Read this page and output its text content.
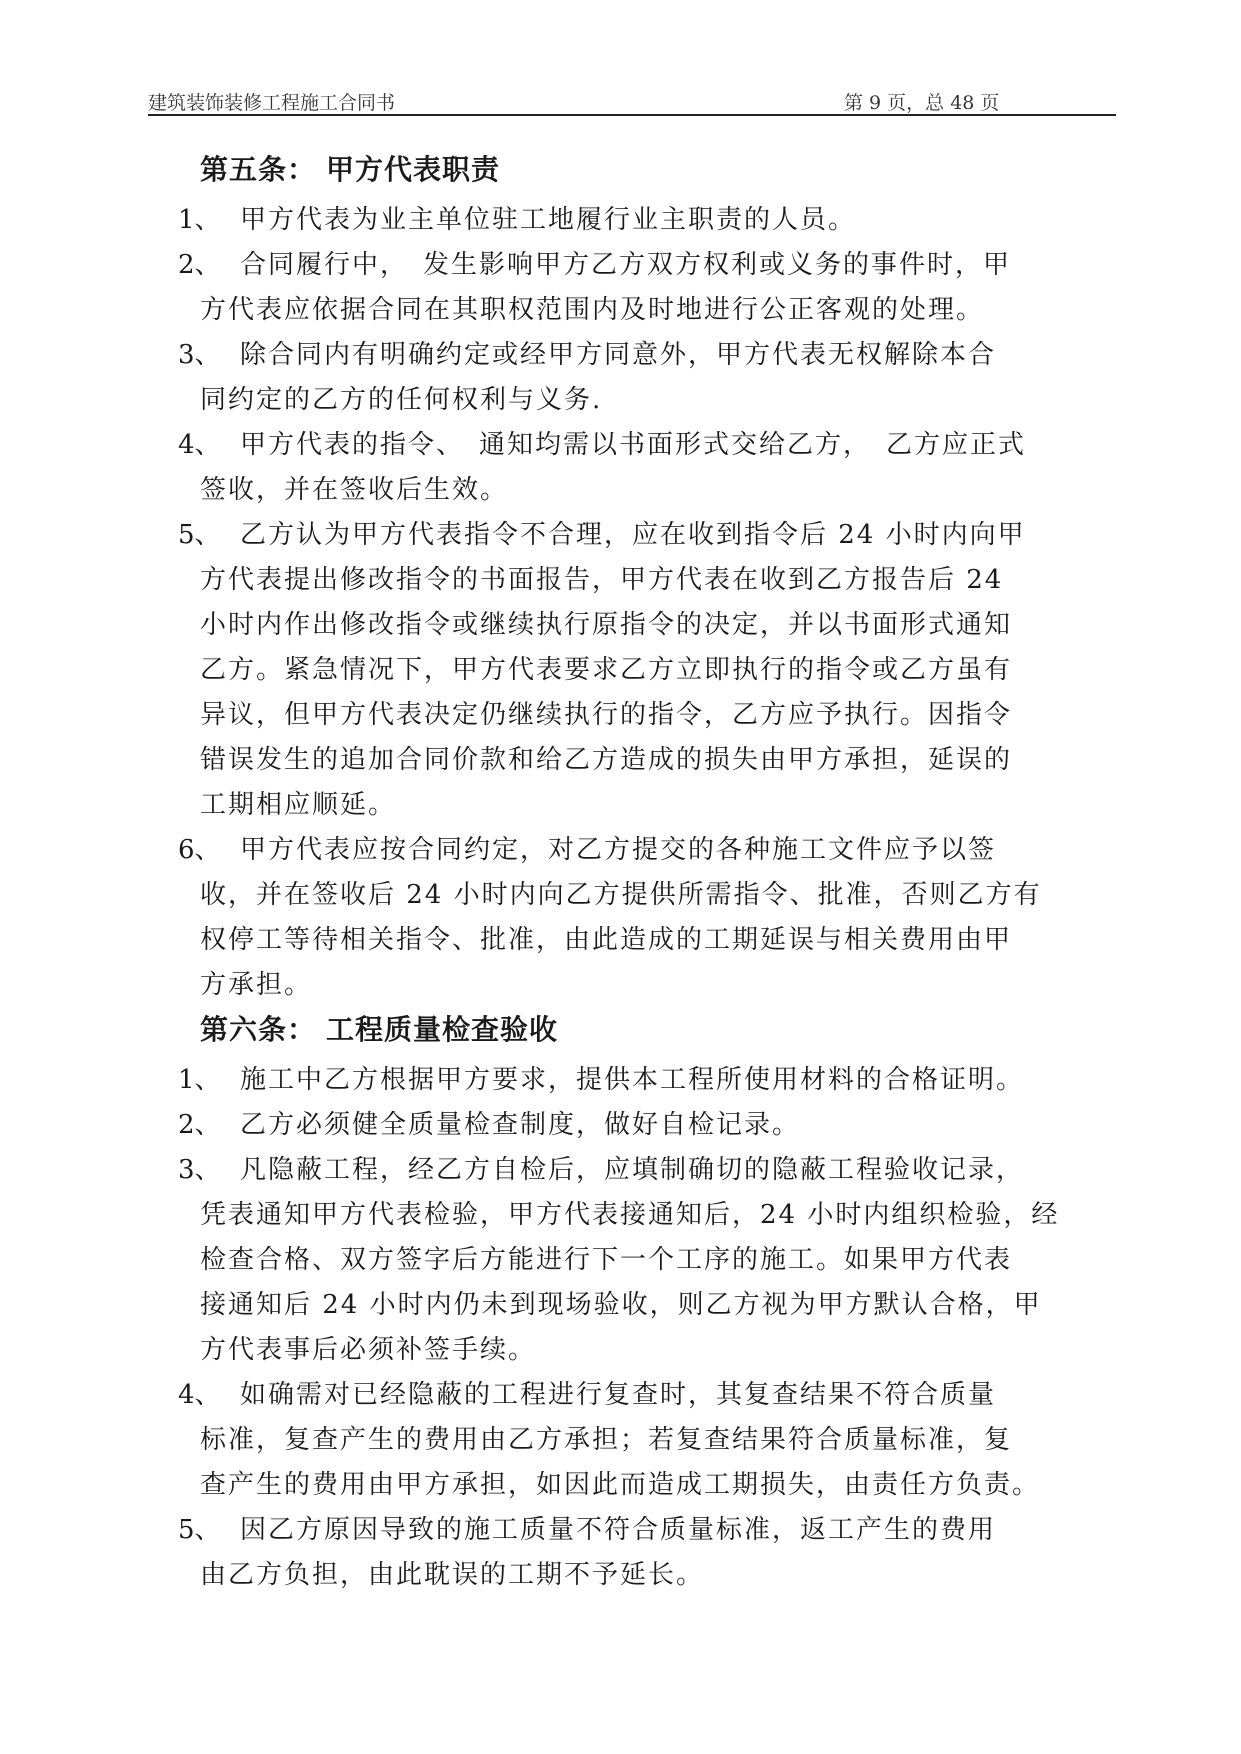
建筑装饰装修工程施工合同书	第 9 页，总 48 页
第五条： 甲方代表职责
1、 甲方代表为业主单位驻工地履行业主职责的人员。
2、 合同履行中，　发生影响甲方乙方双方权利或义务的事件时，甲
方代表应依据合同在其职权范围内及时地进行公正客观的处理。
3、 除合同内有明确约定或经甲方同意外，甲方代表无权解除本合
同约定的乙方的任何权利与义务.
4、 甲方代表的指令、　通知均需以书面形式交给乙方，　乙方应正式
签收，并在签收后生效。
5、 乙方认为甲方代表指令不合理，应在收到指令后 24 小时内向甲
方代表提出修改指令的书面报告，甲方代表在收到乙方报告后 24
小时内作出修改指令或继续执行原指令的决定，并以书面形式通知
乙方。紧急情况下，甲方代表要求乙方立即执行的指令或乙方虽有
异议，但甲方代表决定仍继续执行的指令，乙方应予执行。因指令
错误发生的追加合同价款和给乙方造成的损失由甲方承担，延误的
工期相应顺延。
6、 甲方代表应按合同约定，对乙方提交的各种施工文件应予以签
收，并在签收后 24 小时内向乙方提供所需指令、批准，否则乙方有
权停工等待相关指令、批准，由此造成的工期延误与相关费用由甲
方承担。
第六条： 工程质量检查验收
1、 施工中乙方根据甲方要求，提供本工程所使用材料的合格证明。
2、 乙方必须健全质量检查制度，做好自检记录。
3、 凡隐蔽工程，经乙方自检后，应填制确切的隐蔽工程验收记录，
凭表通知甲方代表检验，甲方代表接通知后，24 小时内组织检验，经
检查合格、双方签字后方能进行下一个工序的施工。如果甲方代表
接通知后 24 小时内仍未到现场验收，则乙方视为甲方默认合格，甲
方代表事后必须补签手续。
4、 如确需对已经隐蔽的工程进行复查时，其复查结果不符合质量
标准，复查产生的费用由乙方承担；若复查结果符合质量标准，复
查产生的费用由甲方承担，如因此而造成工期损失，由责任方负责。
5、 因乙方原因导致的施工质量不符合质量标准，返工产生的费用
由乙方负担，由此耽误的工期不予延长。
